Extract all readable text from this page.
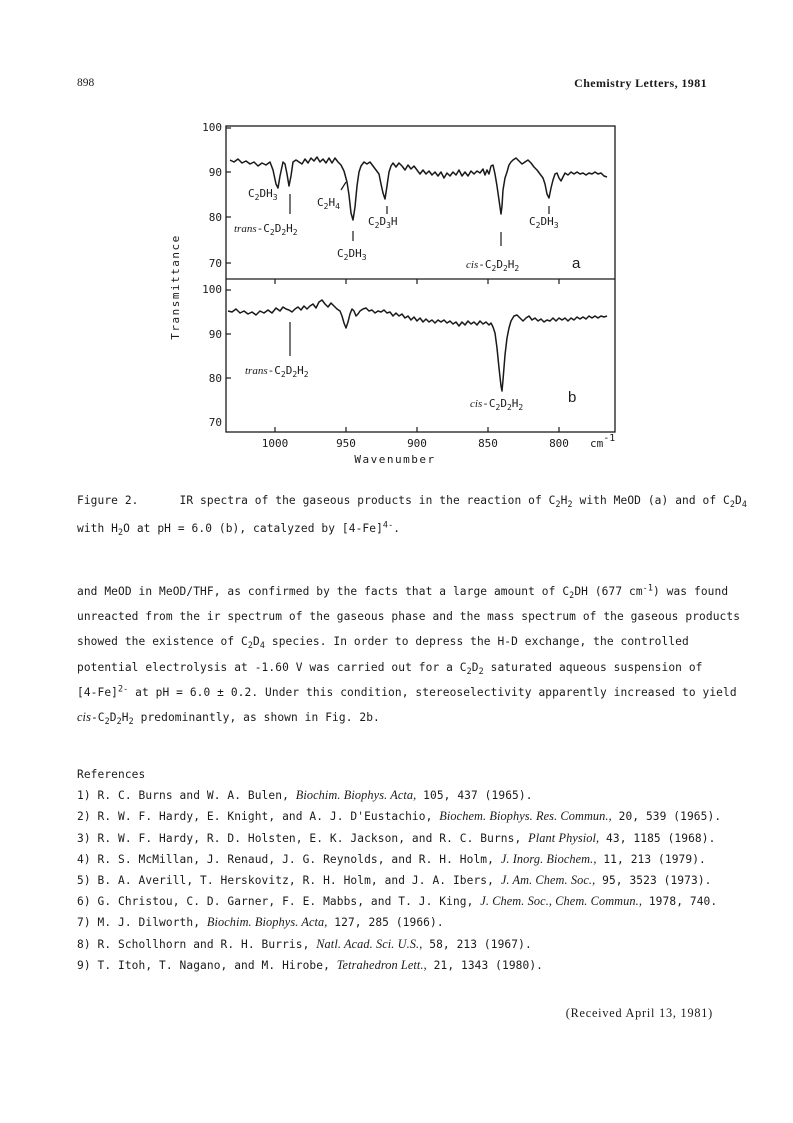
898	Chemistry Letters, 1981
100
90
80
70
100
90
80
70
1000	950	900	850	800 cm-1
Wavenumber
Transmittance
$C_2DH_3$
trans-$C_2D_2H_2$
$C_2H_4$
$C_2DH_3$
$C_2D_3H$	$C_2DH_3$
cis-$C_2D_2H_2$	a
trans-$C_2D_2H_2$
cis-$C_2D_2H_2$
b
Figure 2.	IR spectra of the gaseous products in the reaction of $C_2H_2$ with MeOD (a) and of $C_2D_4$
with $H_2O$ at pH = 6.0 (b), catalyzed by $[4-Fe]^{4-}$.
and MeOD in MeOD/THF, as confirmed by the facts that a large amount of $C_2DH$ (677 $cm^{-1}$) was found
unreacted from the ir spectrum of the gaseous phase and the mass spectrum of the gaseous products
showed the existence of $C_2D_4$ species. In order to depress the H-D exchange, the controlled
potential electrolysis at -1.60 V was carried out for a $C_2D_2$ saturated aqueous suspension of
$[4-Fe]^{2-}$ at pH = 6.0 ± 0.2. Under this condition, stereoselectivity apparently increased to yield
cis-$C_2D_2H_2$ predominantly, as shown in Fig. 2b.
References
1) R. C. Burns and W. A. Bulen, Biochim. Biophys. Acta, 105, 437 (1965).
2) R. W. F. Hardy, E. Knight, and A. J. D'Eustachio, Biochem. Biophys. Res. Commun., 20, 539 (1965).
3) R. W. F. Hardy, R. D. Holsten, E. K. Jackson, and R. C. Burns, Plant Physiol, 43, 1185 (1968).
4) R. S. McMillan, J. Renaud, J. G. Reynolds, and R. H. Holm, J. Inorg. Biochem., 11, 213 (1979).
5) B. A. Averill, T. Herskovitz, R. H. Holm, and J. A. Ibers, J. Am. Chem. Soc., 95, 3523 (1973).
6) G. Christou, C. D. Garner, F. E. Mabbs, and T. J. King, J. Chem. Soc., Chem. Commun., 1978, 740.
7) M. J. Dilworth, Biochim. Biophys. Acta, 127, 285 (1966).
8) R. Schollhorn and R. H. Burris, Natl. Acad. Sci. U.S., 58, 213 (1967).
9) T. Itoh, T. Nagano, and M. Hirobe, Tetrahedron Lett., 21, 1343 (1980).
(Received April 13, 1981)
